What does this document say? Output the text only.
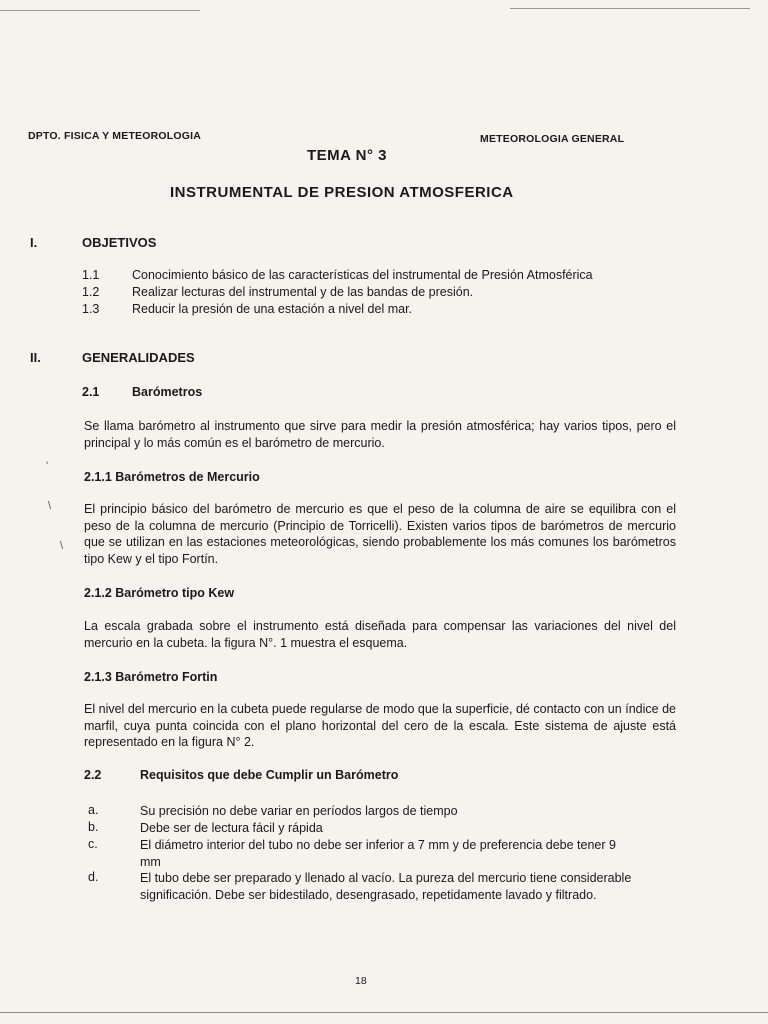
DPTO. FISICA Y METEOROLOGIA	METEOROLOGIA GENERAL
TEMA N° 3
INSTRUMENTAL DE PRESION ATMOSFERICA
I.	OBJETIVOS
1.1	Conocimiento básico de las características del instrumental de Presión Atmosférica
1.2	Realizar lecturas del instrumental y de las bandas de presión.
1.3	Reducir la presión de una estación a nivel del mar.
II.	GENERALIDADES
2.1	Barómetros
Se llama barómetro al instrumento que sirve para medir la presión atmosférica; hay varios tipos, pero el principal y lo más común es el barómetro de mercurio.
2.1.1 Barómetros de Mercurio
El principio básico del barómetro de mercurio es que el peso de la columna de aire se equilibra con el peso de la columna de mercurio (Principio de Torricelli). Existen varios tipos de barómetros de mercurio que se utilizan en las estaciones meteorológicas, siendo probablemente los más comunes los barómetros tipo Kew y el tipo Fortín.
2.1.2 Barómetro tipo Kew
La escala grabada sobre el instrumento está diseñada para compensar las variaciones del nivel del mercurio en la cubeta. la figura N°. 1 muestra el esquema.
2.1.3 Barómetro Fortin
El nivel del mercurio en la cubeta puede regularse de modo que la superficie, dé contacto con un índice de marfil, cuya punta coincida con el plano horizontal del cero de la escala. Este sistema de ajuste está representado en la figura N° 2.
2.2	Requisitos que debe Cumplir un Barómetro
a.	Su precisión no debe variar en períodos largos de tiempo
b.	Debe ser de lectura fácil y rápida
c.	El diámetro interior del tubo no debe ser inferior a 7 mm y de preferencia debe tener 9 mm
d.	El tubo debe ser preparado y llenado al vacío. La pureza del mercurio tiene considerable significación. Debe ser bidestilado, desengrasado, repetidamente lavado y filtrado.
18
'
\
\
